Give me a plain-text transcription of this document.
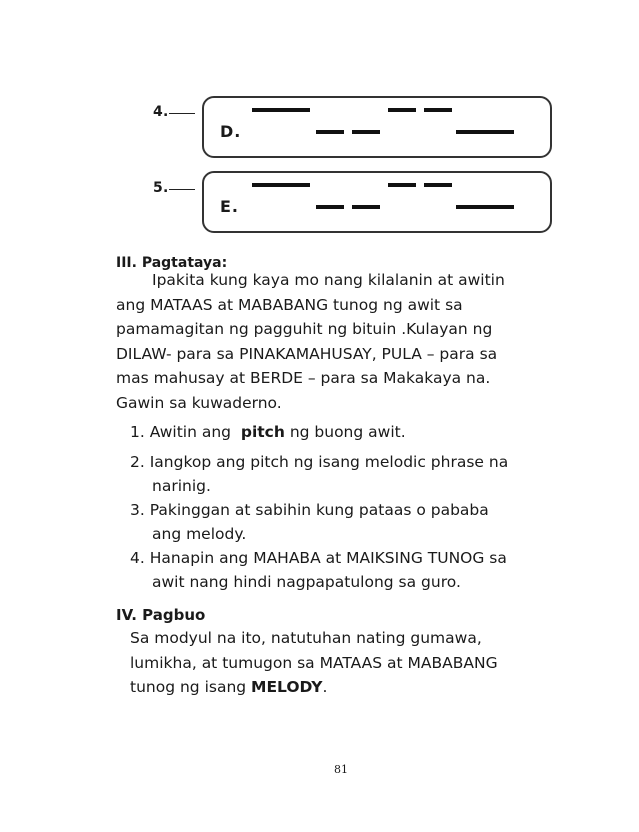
4.
D.
5.
E.
III. Pagtataya:
Ipakita kung kaya mo nang kilalanin at awitin
ang MATAAS at MABABANG tunog ng awit sa
pamamagitan ng pagguhit ng bituin .Kulayan ng
DILAW- para sa PINAKAMAHUSAY, PULA – para sa
mas mahusay at BERDE – para sa Makakaya na.
Gawin sa kuwaderno.
1. Awitin ang  pitch ng buong awit.
2. Iangkop ang pitch ng isang melodic phrase na
narinig.
3. Pakinggan at sabihin kung pataas o pababa
ang melody.
4. Hanapin ang MAHABA at MAIKSING TUNOG sa
awit nang hindi nagpapatulong sa guro.
IV. Pagbuo
Sa modyul na ito, natutuhan nating gumawa,
lumikha, at tumugon sa MATAAS at MABABANG
tunog ng isang MELODY.
81
